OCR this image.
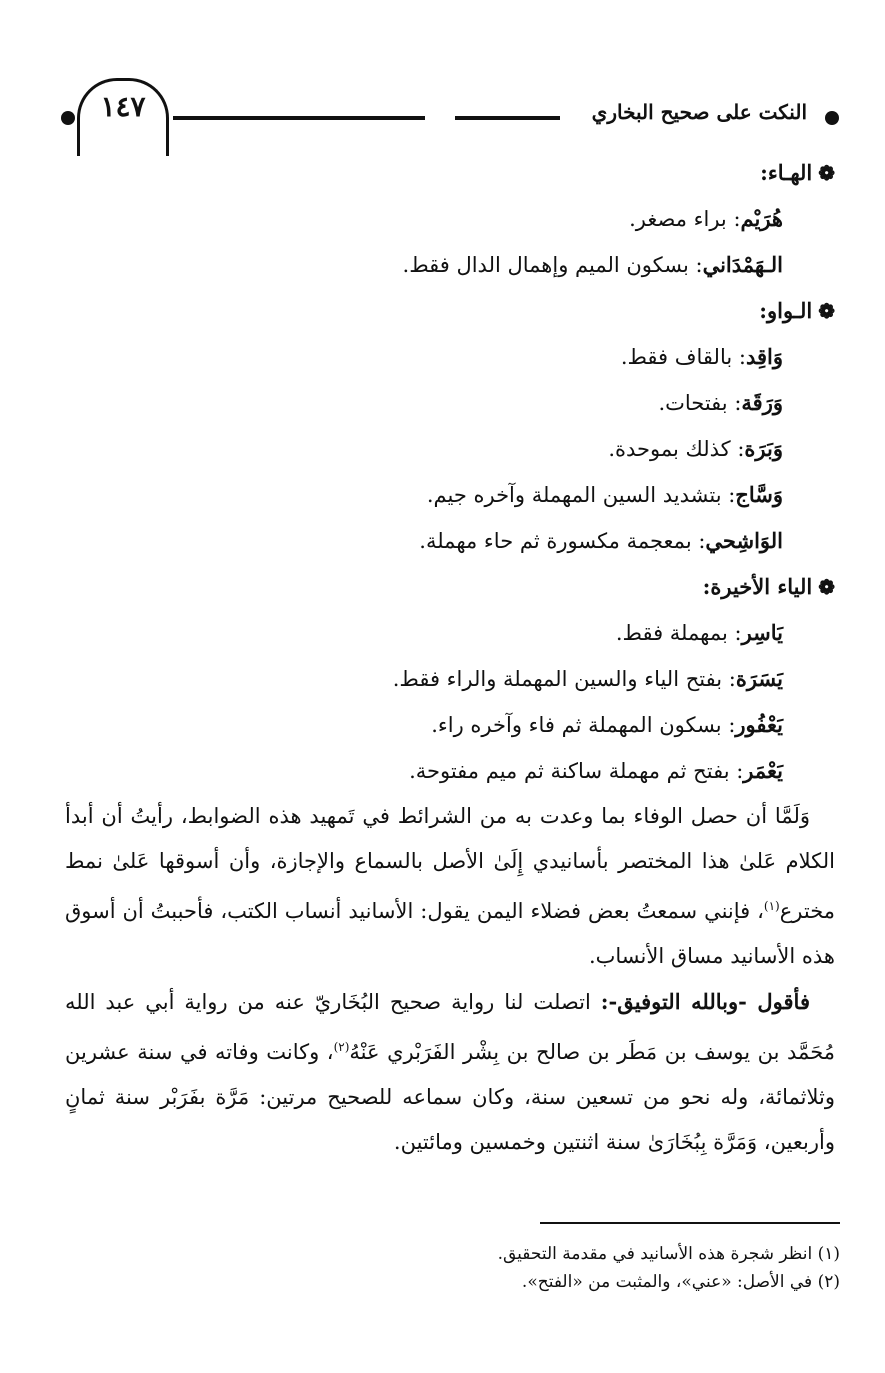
النكت على صحيح البخاري
١٤٧
❁الهـاء:
هُرَيْم: براء مصغر.
الـهَمْدَاني: بسكون الميم وإهمال الدال فقط.
❁الـواو:
وَاقِد: بالقاف فقط.
وَرَقَة: بفتحات.
وَبَرَة: كذلك بموحدة.
وَسَّاج: بتشديد السين المهملة وآخره جيم.
الوَاشِحي: بمعجمة مكسورة ثم حاء مهملة.
❁الياء الأخيرة:
يَاسِر: بمهملة فقط.
يَسَرَة: بفتح الياء والسين المهملة والراء فقط.
يَعْفُور: بسكون المهملة ثم فاء وآخره راء.
يَعْمَر: بفتح ثم مهملة ساكنة ثم ميم مفتوحة.

وَلَمَّا أن حصل الوفاء بما وعدت به من الشرائط في تَمهيد هذه الضوابط، رأيتُ أن أبدأ الكلام عَلىٰ هذا المختصر بأسانيدي إِلَىٰ الأصل بالسماع والإجازة، وأن أسوقها عَلىٰ نمط مخترع$^{(١)}$، فإنني سمعتُ بعض فضلاء اليمن يقول: الأسانيد أنساب الكتب، فأحببتُ أن أسوق هذه الأسانيد مساق الأنساب.

فأقول -وبالله التوفيق-: اتصلت لنا رواية صحيح البُخَاريّ عنه من رواية أبي عبد الله مُحَمَّد بن يوسف بن مَطَر بن صالح بن بِشْر الفَرَبْري عَنْهُ$^{(٢)}$، وكانت وفاته في سنة عشرين وثلاثمائة، وله نحو من تسعين سنة، وكان سماعه للصحيح مرتين: مَرَّة بفَرَبْر سنة ثمانٍ وأربعين، وَمَرَّة بِبُخَارَىٰ سنة اثنتين وخمسين ومائتين.

(١) انظر شجرة هذه الأسانيد في مقدمة التحقيق.
(٢) في الأصل: «عني»، والمثبت من «الفتح».
